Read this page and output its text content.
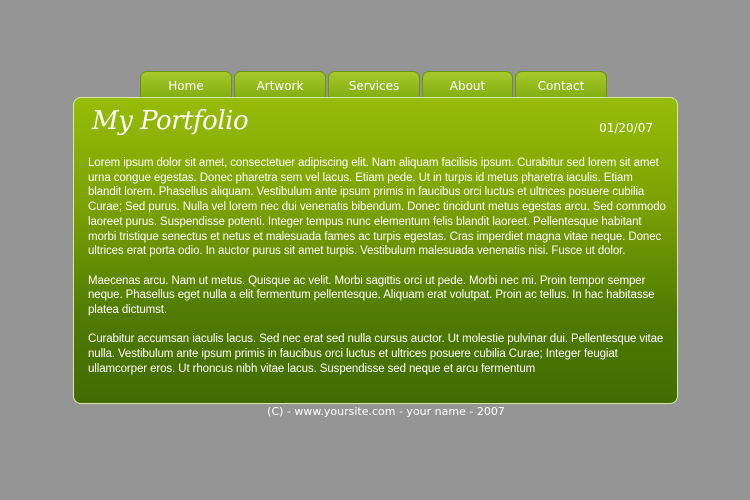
Home	Artwork	Services	About	Contact
My Portfolio	01/20/07

Lorem ipsum dolor sit amet, consectetuer adipiscing elit. Nam aliquam facilisis ipsum. Curabitur sed lorem sit amet urna congue egestas. Donec pharetra sem vel lacus. Etiam pede. Ut in turpis id metus pharetra iaculis. Etiam blandit lorem. Phasellus aliquam. Vestibulum ante ipsum primis in faucibus orci luctus et ultrices posuere cubilia Curae; Sed purus. Nulla vel lorem nec dui venenatis bibendum. Donec tincidunt metus egestas arcu. Sed commodo laoreet purus. Suspendisse potenti. Integer tempus nunc elementum felis blandit laoreet. Pellentesque habitant morbi tristique senectus et netus et malesuada fames ac turpis egestas. Cras imperdiet magna vitae neque. Donec ultrices erat porta odio. In auctor purus sit amet turpis. Vestibulum malesuada venenatis nisi. Fusce ut dolor.

Maecenas arcu. Nam ut metus. Quisque ac velit. Morbi sagittis orci ut pede. Morbi nec mi. Proin tempor semper neque. Phasellus eget nulla a elit fermentum pellentesque. Aliquam erat volutpat. Proin ac tellus. In hac habitasse platea dictumst.

Curabitur accumsan iaculis lacus. Sed nec erat sed nulla cursus auctor. Ut molestie pulvinar dui. Pellentesque vitae nulla. Vestibulum ante ipsum primis in faucibus orci luctus et ultrices posuere cubilia Curae; Integer feugiat ullamcorper eros. Ut rhoncus nibh vitae lacus. Suspendisse sed neque et arcu fermentum

(C) - www.yoursite.com - your name - 2007
